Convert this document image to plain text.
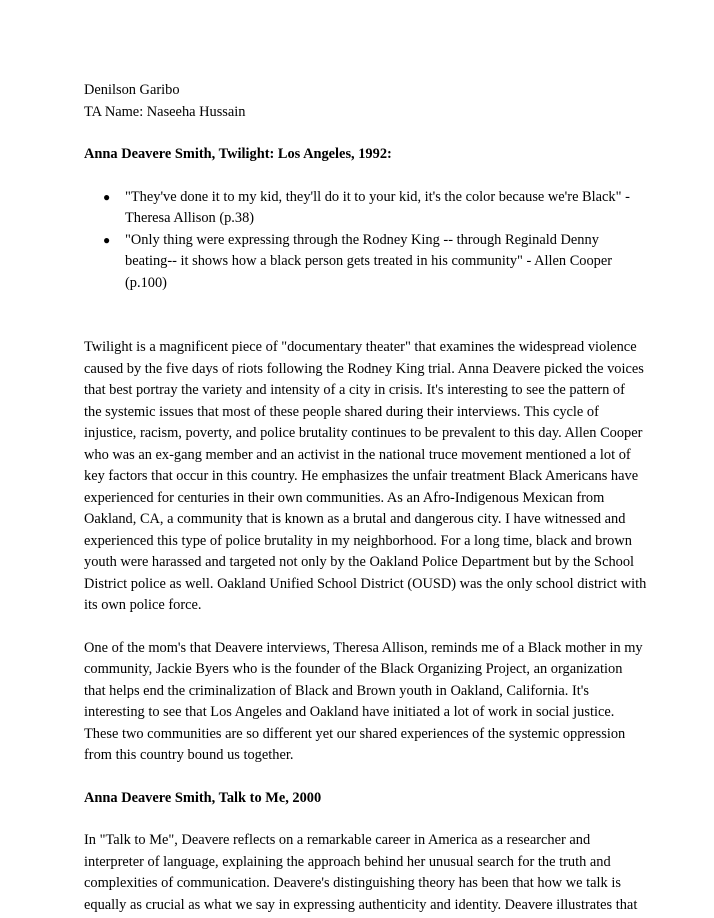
Denilson Garibo
TA Name: Naseeha Hussain
Anna Deavere Smith, Twilight: Los Angeles, 1992:
● "They've done it to my kid, they'll do it to your kid, it's the color because we're Black" -
Theresa Allison (p.38)
● "Only thing were expressing through the Rodney King -- through Reginald Denny
beating-- it shows how a black person gets treated in his community" - Allen Cooper
(p.100)
Twilight is a magnificent piece of "documentary theater" that examines the widespread violence
caused by the five days of riots following the Rodney King trial. Anna Deavere picked the voices
that best portray the variety and intensity of a city in crisis. It's interesting to see the pattern of
the systemic issues that most of these people shared during their interviews. This cycle of
injustice, racism, poverty, and police brutality continues to be prevalent to this day. Allen Cooper
who was an ex-gang member and an activist in the national truce movement mentioned a lot of
key factors that occur in this country. He emphasizes the unfair treatment Black Americans have
experienced for centuries in their own communities. As an Afro-Indigenous Mexican from
Oakland, CA, a community that is known as a brutal and dangerous city. I have witnessed and
experienced this type of police brutality in my neighborhood. For a long time, black and brown
youth were harassed and targeted not only by the Oakland Police Department but by the School
District police as well. Oakland Unified School District (OUSD) was the only school district with
its own police force.
One of the mom's that Deavere interviews, Theresa Allison, reminds me of a Black mother in my
community, Jackie Byers who is the founder of the Black Organizing Project, an organization
that helps end the criminalization of Black and Brown youth in Oakland, California. It's
interesting to see that Los Angeles and Oakland have initiated a lot of work in social justice.
These two communities are so different yet our shared experiences of the systemic oppression
from this country bound us together.
Anna Deavere Smith, Talk to Me, 2000
In "Talk to Me", Deavere reflects on a remarkable career in America as a researcher and
interpreter of language, explaining the approach behind her unusual search for the truth and
complexities of communication. Deavere's distinguishing theory has been that how we talk is
equally as crucial as what we say in expressing authenticity and identity. Deavere illustrates that
